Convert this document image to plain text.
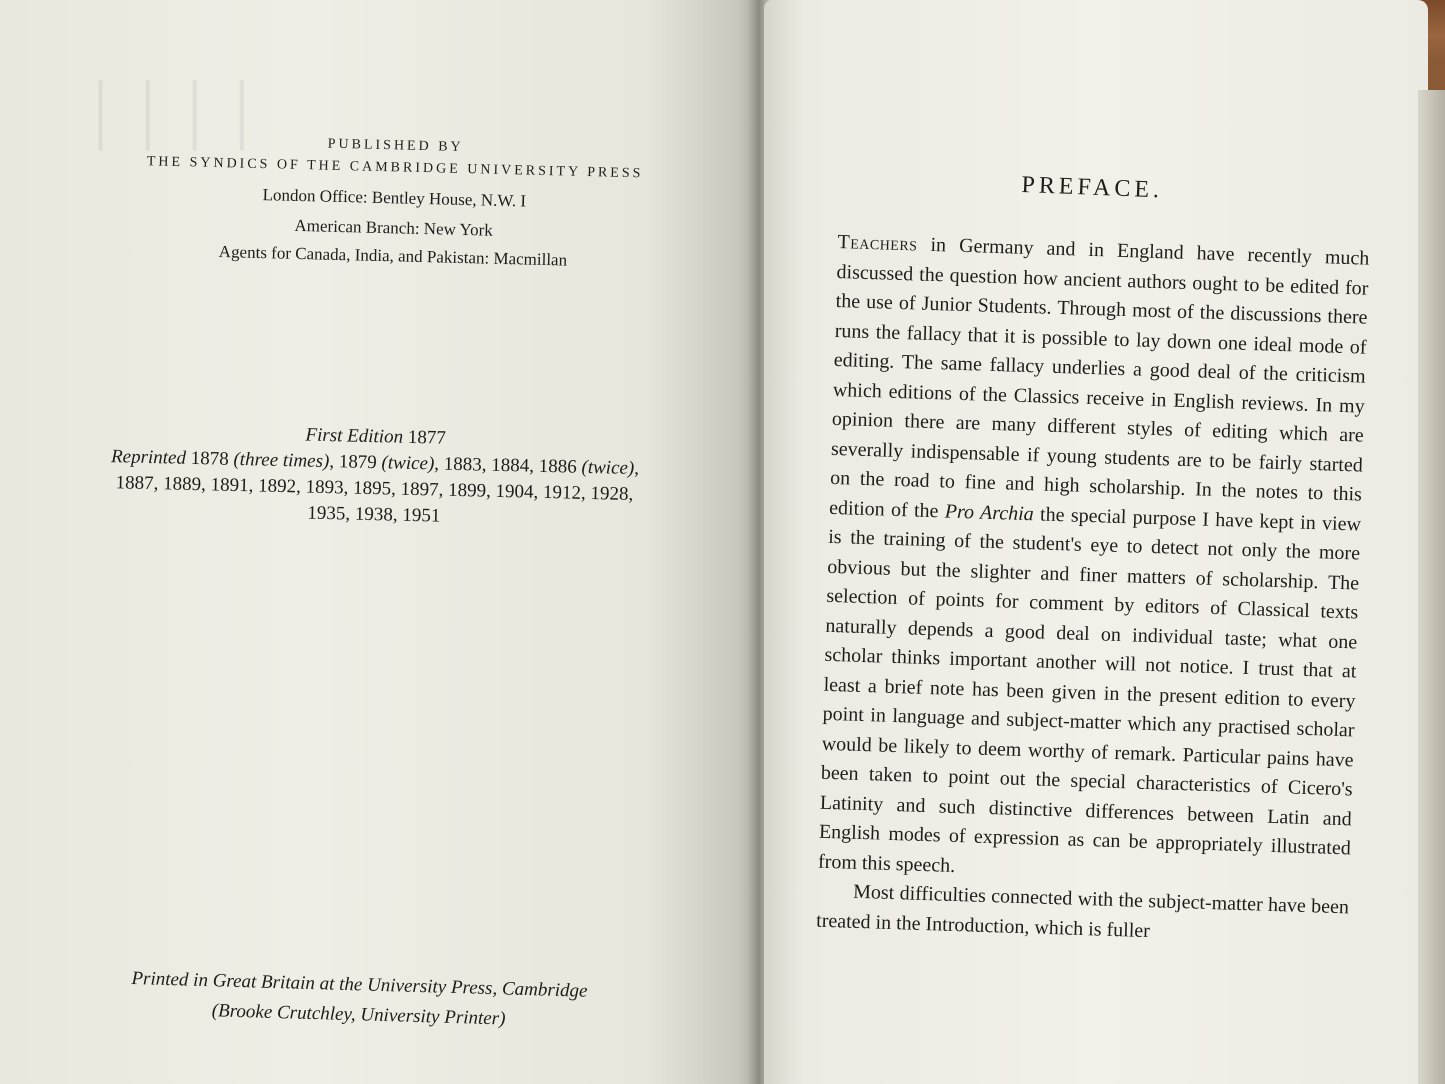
││││	PUBLISHED BY
THE SYNDICS OF THE CAMBRIDGE UNIVERSITY PRESS
London Office: Bentley House, N.W. I
American Branch: New York
Agents for Canada, India, and Pakistan: Macmillan
First Edition 1877
Reprinted 1878 (three times), 1879 (twice), 1883, 1884, 1886 (twice), 1887, 1889, 1891, 1892, 1893, 1895, 1897, 1899, 1904, 1912, 1928, 1935, 1938, 1951
Printed in Great Britain at the University Press, Cambridge
(Brooke Crutchley, University Printer)
PREFACE.

Teachers in Germany and in England have recently much discussed the question how ancient authors ought to be edited for the use of Junior Students. Through most of the discussions there runs the fallacy that it is possible to lay down one ideal mode of editing. The same fallacy underlies a good deal of the criticism which editions of the Classics receive in English reviews. In my opinion there are many different styles of editing which are severally indispensable if young students are to be fairly started on the road to fine and high scholarship. In the notes to this edition of the Pro Archia the special purpose I have kept in view is the training of the student's eye to detect not only the more obvious but the slighter and finer matters of scholarship. The selection of points for comment by editors of Classical texts naturally depends a good deal on individual taste; what one scholar thinks important another will not notice. I trust that at least a brief note has been given in the present edition to every point in language and subject-matter which any practised scholar would be likely to deem worthy of remark. Particular pains have been taken to point out the special characteristics of Cicero's Latinity and such distinctive differences between Latin and English modes of expression as can be appropriately illustrated from this speech.

Most difficulties connected with the subject-matter have been treated in the Introduction, which is fuller
